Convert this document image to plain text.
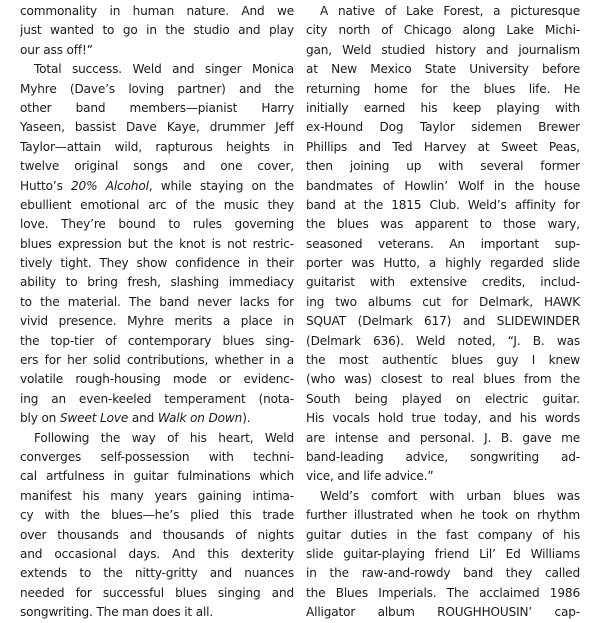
commonality in human nature. And we
just wanted to go in the studio and play
our ass off!”
Total success. Weld and singer Monica
Myhre (Dave’s loving partner) and the
other band members—pianist Harry
Yaseen, bassist Dave Kaye, drummer Jeff
Taylor—attain wild, rapturous heights in
twelve original songs and one cover,
Hutto’s 20% Alcohol, while staying on the
ebullient emotional arc of the music they
love. They’re bound to rules governing
blues expression but the knot is not restric-
tively tight. They show confidence in their
ability to bring fresh, slashing immediacy
to the material. The band never lacks for
vivid presence. Myhre merits a place in
the top-tier of contemporary blues sing-
ers for her solid contributions, whether in a
volatile rough-housing mode or evidenc-
ing an even-keeled temperament (nota-
bly on Sweet Love and Walk on Down).
Following the way of his heart, Weld
converges self-possession with techni-
cal artfulness in guitar fulminations which
manifest his many years gaining intima-
cy with the blues—he’s plied this trade
over thousands and thousands of nights
and occasional days. And this dexterity
extends to the nitty-gritty and nuances
needed for successful blues singing and
songwriting. The man does it all.
A native of Lake Forest, a picturesque
city north of Chicago along Lake Michi-
gan, Weld studied history and journalism
at New Mexico State University before
returning home for the blues life. He
initially earned his keep playing with
ex-Hound Dog Taylor sidemen Brewer
Phillips and Ted Harvey at Sweet Peas,
then joining up with several former
bandmates of Howlin’ Wolf in the house
band at the 1815 Club. Weld’s affinity for
the blues was apparent to those wary,
seasoned veterans. An important sup-
porter was Hutto, a highly regarded slide
guitarist with extensive credits, includ-
ing two albums cut for Delmark, HAWK
SQUAT (Delmark 617) and SLIDEWINDER
(Delmark 636). Weld noted, “J. B. was
the most authentic blues guy I knew
(who was) closest to real blues from the
South being played on electric guitar.
His vocals hold true today, and his words
are intense and personal. J. B. gave me
band-leading advice, songwriting ad-
vice, and life advice.”
Weld’s comfort with urban blues was
further illustrated when he took on rhythm
guitar duties in the fast company of his
slide guitar-playing friend Lil’ Ed Williams
in the raw-and-rowdy band they called
the Blues Imperials. The acclaimed 1986
Alligator album ROUGHHOUSIN’ cap-
